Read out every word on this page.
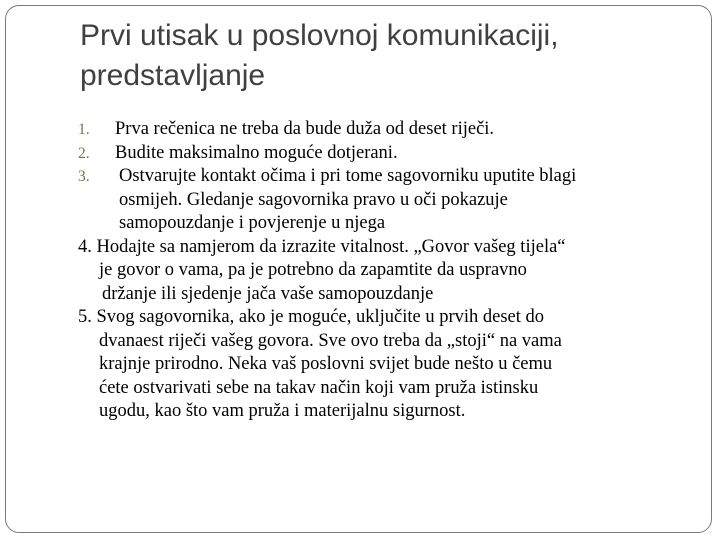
Prvi utisak u poslovnoj komunikaciji,
predstavljanje
1. Prva rečenica ne treba da bude duža od deset riječi.
2. Budite maksimalno moguće dotjerani.
3. Ostvarujte kontakt očima i pri tome sagovorniku uputite blagi
osmijeh. Gledanje sagovornika pravo u oči pokazuje
samopouzdanje i povjerenje u njega
4. Hodajte sa namjerom da izrazite vitalnost. „Govor vašeg tijela“
je govor o vama, pa je potrebno da zapamtite da uspravno
držanje ili sjedenje jača vaše samopouzdanje
5. Svog sagovornika, ako je moguće, uključite u prvih deset do
dvanaest riječi vašeg govora. Sve ovo treba da „stoji“ na vama
krajnje prirodno. Neka vaš poslovni svijet bude nešto u čemu
ćete ostvarivati sebe na takav način koji vam pruža istinsku
ugodu, kao što vam pruža i materijalnu sigurnost.
